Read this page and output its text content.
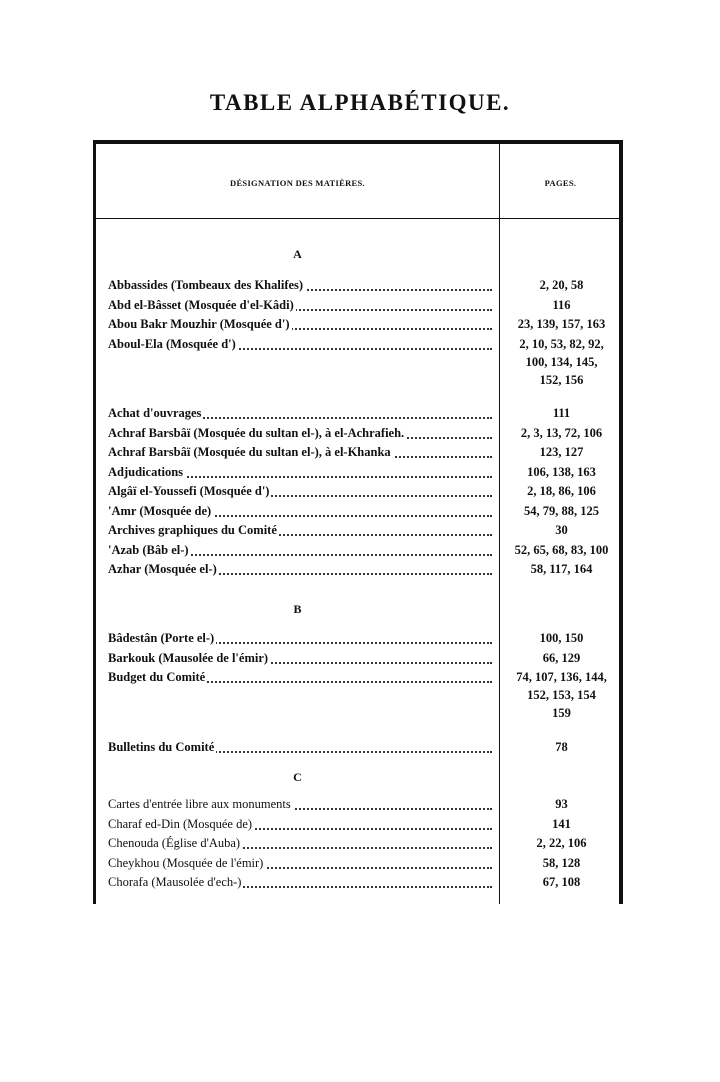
TABLE ALPHABÉTIQUE.
DÉSIGNATION DES MATIÈRES.	PAGES.
A
Abbassides (Tombeaux des Khalifes)	2, 20, 58
Abd el-Bâsset (Mosquée d'el-Kâdi)	116
Abou Bakr Mouzhir (Mosquée d')	23, 139, 157, 163
Aboul-Ela (Mosquée d')	2, 10, 53, 82, 92,
100, 134, 145,
152, 156
Achat d'ouvrages	111
Achraf Barsbâï (Mosquée du sultan el-), à el-Achrafieh.	2, 3, 13, 72, 106
Achraf Barsbâï (Mosquée du sultan el-), à el-Khanka	123, 127
Adjudications	106, 138, 163
Algâï el-Youssefi (Mosquée d')	2, 18, 86, 106
'Amr (Mosquée de)	54, 79, 88, 125
Archives graphiques du Comité	30
'Azab (Bâb el-)	52, 65, 68, 83, 100
Azhar (Mosquée el-)	58, 117, 164
B
Bâdestân (Porte el-)	100, 150
Barkouk (Mausolée de l'émir)	66, 129
Budget du Comité	74, 107, 136, 144,
152, 153, 154
159
Bulletins du Comité	78
C
Cartes d'entrée libre aux monuments	93
Charaf ed-Din (Mosquée de)	141
Chenouda (Église d'Auba)	2, 22, 106
Cheykhou (Mosquée de l'émir)	58, 128
Chorafa (Mausolée d'ech-)	67, 108
